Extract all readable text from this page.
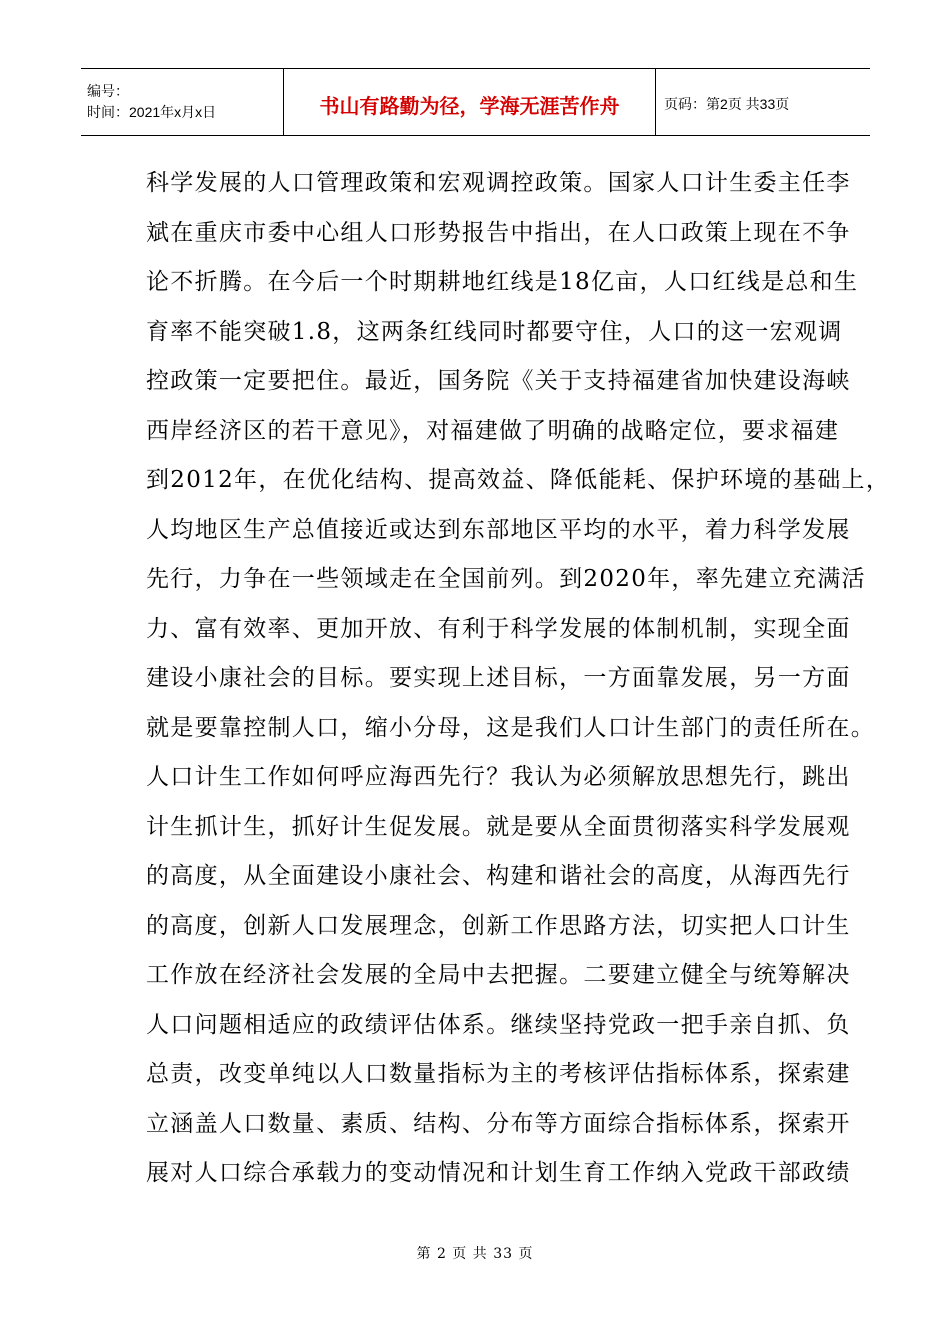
编号：
时间：2021年x月x日	书山有路勤为径，学海无涯苦作舟	页码：第2页 共33页
科学发展的人口管理政策和宏观调控政策。国家人口计生委主任李
斌在重庆市委中心组人口形势报告中指出，在人口政策上现在不争
论不折腾。在今后一个时期耕地红线是18亿亩，人口红线是总和生
育率不能突破1.8，这两条红线同时都要守住，人口的这一宏观调
控政策一定要把住。最近，国务院《关于支持福建省加快建设海峡
西岸经济区的若干意见》，对福建做了明确的战略定位，要求福建
到2012年，在优化结构、提高效益、降低能耗、保护环境的基础上，
人均地区生产总值接近或达到东部地区平均的水平，着力科学发展
先行，力争在一些领域走在全国前列。到2020年，率先建立充满活
力、富有效率、更加开放、有利于科学发展的体制机制，实现全面
建设小康社会的目标。要实现上述目标，一方面靠发展，另一方面
就是要靠控制人口，缩小分母，这是我们人口计生部门的责任所在。
人口计生工作如何呼应海西先行？我认为必须解放思想先行，跳出
计生抓计生，抓好计生促发展。就是要从全面贯彻落实科学发展观
的高度，从全面建设小康社会、构建和谐社会的高度，从海西先行
的高度，创新人口发展理念，创新工作思路方法，切实把人口计生
工作放在经济社会发展的全局中去把握。二要建立健全与统筹解决
人口问题相适应的政绩评估体系。继续坚持党政一把手亲自抓、负
总责，改变单纯以人口数量指标为主的考核评估指标体系，探索建
立涵盖人口数量、素质、结构、分布等方面综合指标体系，探索开
展对人口综合承载力的变动情况和计划生育工作纳入党政干部政绩
第 2 页 共 33 页
